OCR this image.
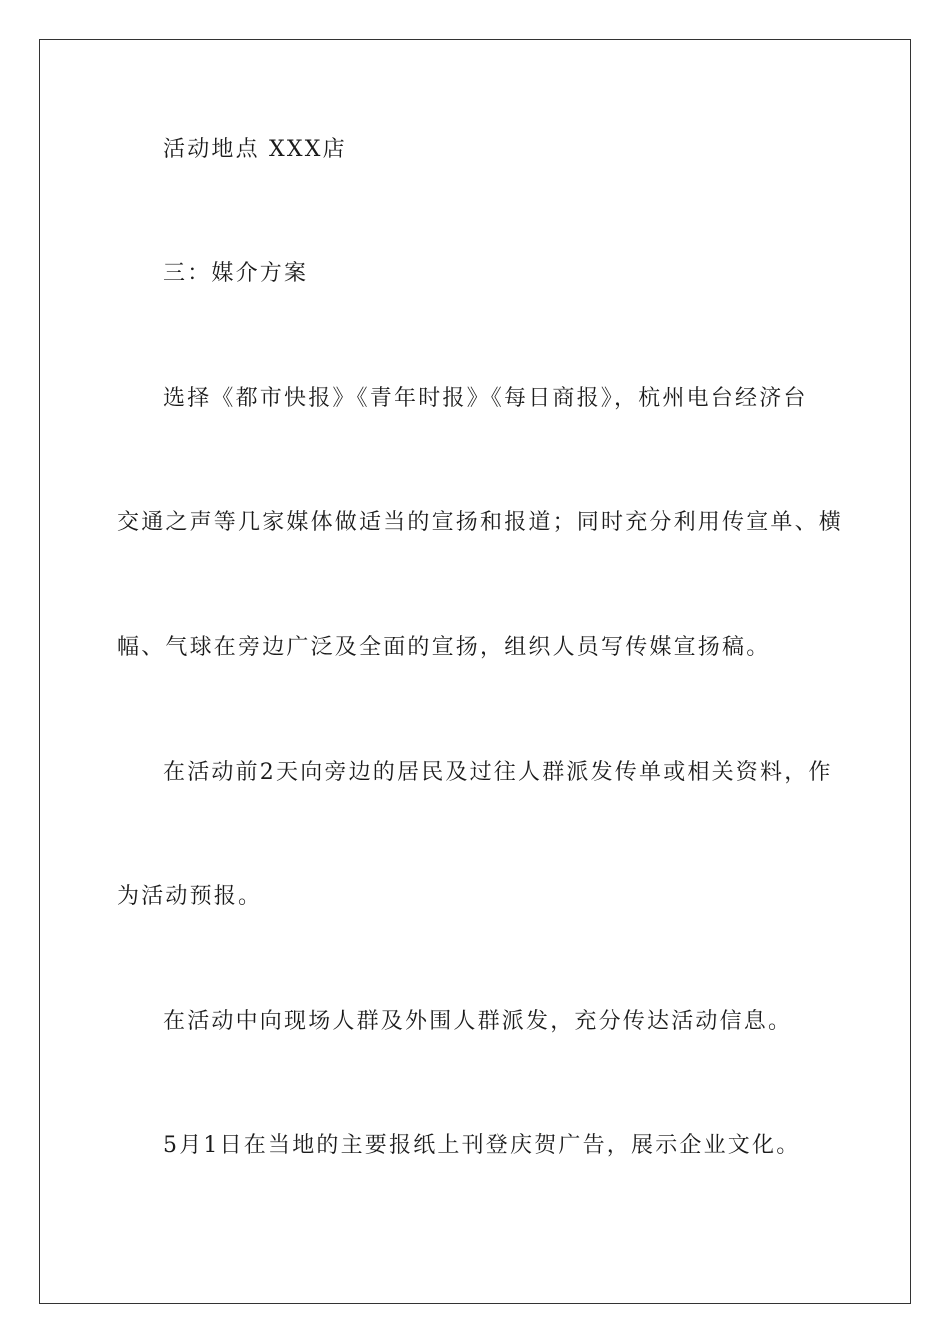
活动地点 XXX店
三：媒介方案
选择《都市快报》《青年时报》《每日商报》，杭州电台经济台
交通之声等几家媒体做适当的宣扬和报道；同时充分利用传宣单、横
幅、气球在旁边广泛及全面的宣扬，组织人员写传媒宣扬稿。
在活动前2天向旁边的居民及过往人群派发传单或相关资料，作
为活动预报。
在活动中向现场人群及外围人群派发，充分传达活动信息。
5月1日在当地的主要报纸上刊登庆贺广告，展示企业文化。
